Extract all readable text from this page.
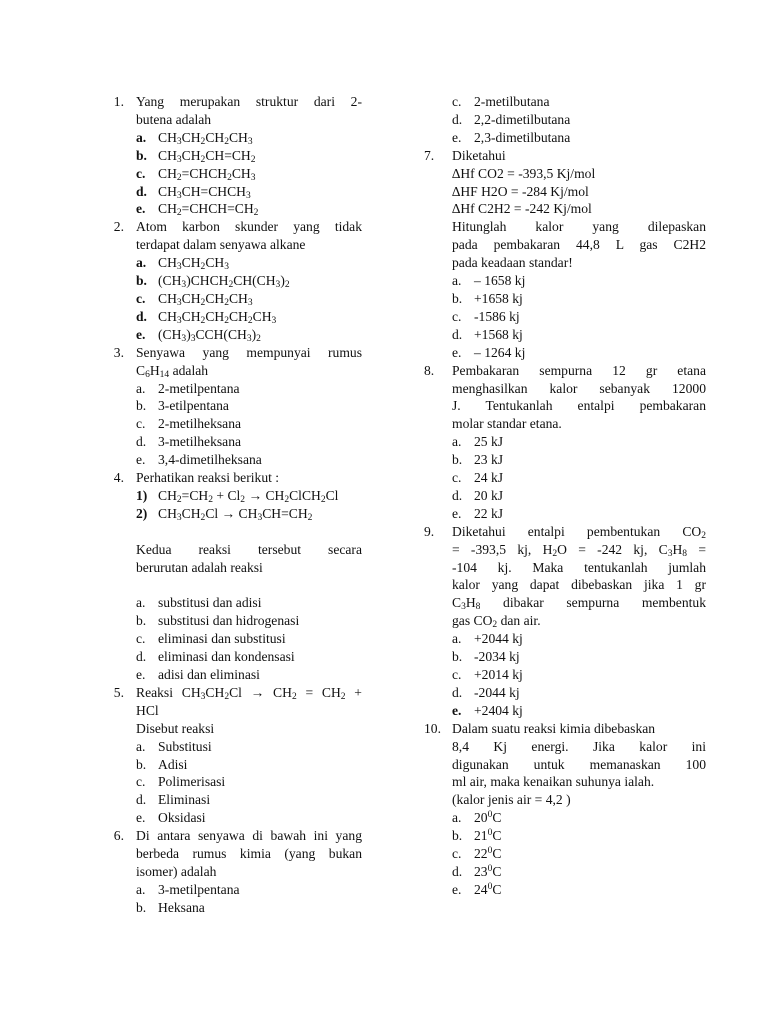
1. Yang merupakan struktur dari 2-
butena adalah
a. $CH_3CH_2CH_2CH_3$
b. $CH_3CH_2CH=CH_2$
c. $CH_2=CHCH_2CH_3$
d. $CH_3CH=CHCH_3$
e. $CH_2=CHCH=CH_2$
2. Atom karbon skunder yang tidak
terdapat dalam senyawa alkane
a. $CH_3CH_2CH_3$
b. $(CH_3)CHCH_2CH(CH_3)_2$
c. $CH_3CH_2CH_2CH_3$
d. $CH_3CH_2CH_2CH_2CH_3$
e. $(CH_3)_3CCH(CH_3)_2$
3. Senyawa yang mempunyai rumus
$C_6H_{14}$ adalah
a. 2-metilpentana
b. 3-etilpentana
c. 2-metilheksana
d. 3-metilheksana
e. 3,4-dimetilheksana
4. Perhatikan reaksi berikut :
1) $CH_2=CH_2 + Cl_2$ → $CH_2ClCH_2Cl$
2) $CH_3CH_2Cl \to CH_3CH=CH_2$
Kedua reaksi tersebut secara
berurutan adalah reaksi
a. substitusi dan adisi
b. substitusi dan hidrogenasi
c. eliminasi dan substitusi
d. eliminasi dan kondensasi
e. adisi dan eliminasi
5. Reaksi $CH_3CH_2Cl \to CH_2 = CH_2$ +
HCl
Disebut reaksi
a. Substitusi
b. Adisi
c. Polimerisasi
d. Eliminasi
e. Oksidasi
6. Di antara senyawa di bawah ini yang
berbeda rumus kimia (yang bukan
isomer) adalah
a. 3-metilpentana
b. Heksana
c. 2-metilbutana
d. 2,2-dimetilbutana
e. 2,3-dimetilbutana
7.	Diketahui
∆Hf CO2 = -393,5 Kj/mol
∆HF H2O = -284 Kj/mol
∆Hf C2H2 = -242 Kj/mol
Hitunglah kalor yang dilepaskan
pada pembakaran 44,8 L gas C2H2
pada keadaan standar!
a. – 1658 kj
b. +1658 kj
c. -1586 kj
d. +1568 kj
e. – 1264 kj
8.	Pembakaran sempurna 12 gr etana
menghasilkan kalor sebanyak 12000
J. Tentukanlah entalpi pembakaran
molar standar etana.
a. 25 kJ
b. 23 kJ
c. 24 kJ
d. 20 kJ
e. 22 kJ
9.	Diketahui entalpi pembentukan $CO_2$
= -393,5 kj, $H_2O = -242$ kj, $C_3H_8$ =
-104 kj. Maka tentukanlah jumlah
kalor yang dapat dibebaskan jika 1 gr
$C_3H_8$ dibakar sempurna membentuk
gas $CO_2$ dan air.
a. +2044 kj
b. -2034 kj
c. +2014 kj
d. -2044 kj
e. +2404 kj
10. Dalam suatu reaksi kimia dibebaskan
8,4 Kj energi. Jika kalor ini
digunakan untuk memanaskan 100
ml air, maka kenaikan suhunya ialah.
(kalor jenis air = 4,2 )
a. $20^0C$
b. $21^0C$
c. $22^0C$
d. $23^0C$
e. $24^0C$
